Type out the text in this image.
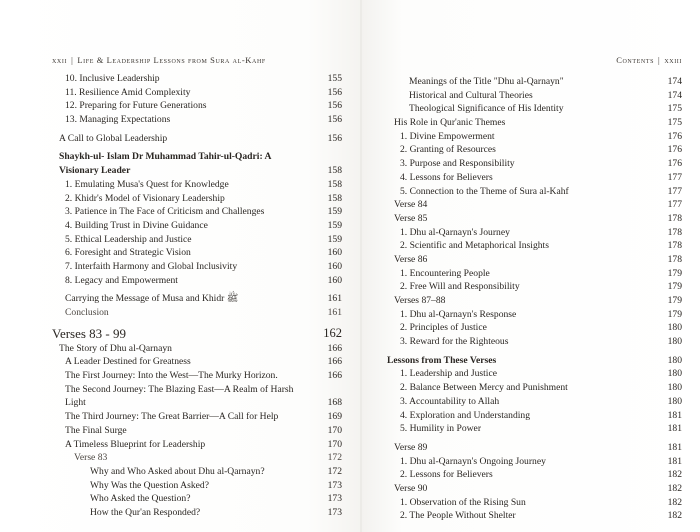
xxii | Life & Leadership Lessons from Sura al-Kahf
10. Inclusive Leadership	155
11. Resilience Amid Complexity	156
12. Preparing for Future Generations	156
13. Managing Expectations	156
A Call to Global Leadership	156
Shaykh-ul- Islam Dr Muhammad Tahir-ul-Qadri: A
Visionary Leader	158
1. Emulating Musa's Quest for Knowledge	158
2. Khidr's Model of Visionary Leadership	158
3. Patience in The Face of Criticism and Challenges	159
4. Building Trust in Divine Guidance	159
5. Ethical Leadership and Justice	159
6. Foresight and Strategic Vision	160
7. Interfaith Harmony and Global Inclusivity	160
8. Legacy and Empowerment	160
Carrying the Message of Musa and Khidr ﷺ	161
Conclusion	161
Verses 83 - 99	162
The Story of Dhu al-Qarnayn	166
A Leader Destined for Greatness	166
The First Journey: Into the West—The Murky Horizon.	166
The Second Journey: The Blazing East—A Realm of Harsh
Light	168
The Third Journey: The Great Barrier—A Call for Help	169
The Final Surge	170
A Timeless Blueprint for Leadership	170
Verse 83	172
Why and Who Asked about Dhu al-Qarnayn?	172
Why Was the Question Asked?	173
Who Asked the Question?	173
How the Qur'an Responded?	173
Contents | xxiii
Meanings of the Title "Dhu al-Qarnayn"	174
Historical and Cultural Theories	174
Theological Significance of His Identity	175
His Role in Qur'anic Themes	175
1. Divine Empowerment	176
2. Granting of Resources	176
3. Purpose and Responsibility	176
4. Lessons for Believers	177
5. Connection to the Theme of Sura al-Kahf	177
Verse 84	177
Verse 85	178
1. Dhu al-Qarnayn's Journey	178
2. Scientific and Metaphorical Insights	178
Verse 86	178
1. Encountering People	179
2. Free Will and Responsibility	179
Verses 87–88	179
1. Dhu al-Qarnayn's Response	179
2. Principles of Justice	180
3. Reward for the Righteous	180
Lessons from These Verses	180
1. Leadership and Justice	180
2. Balance Between Mercy and Punishment	180
3. Accountability to Allah	180
4. Exploration and Understanding	181
5. Humility in Power	181
Verse 89	181
1. Dhu al-Qarnayn's Ongoing Journey	181
2. Lessons for Believers	182
Verse 90	182
1. Observation of the Rising Sun	182
2. The People Without Shelter	182
